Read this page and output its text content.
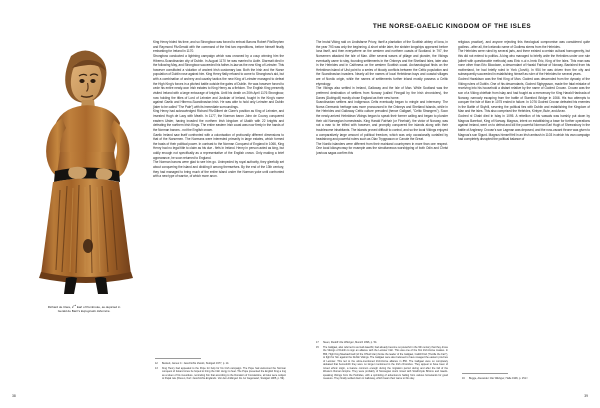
Richard de Clare, 2nd Earl of Pembroke, as depicted in
Gerald de Barri's Expugnatio Hibernica.

King Henry bided his time, and so Strongbow was forced to entrust Barons Robert FitzStephen and Raymond FitzGerald with the command of the first two expeditions, before himself finally embarking for Ireland in 1170.

Strongbow conducted a lightning campaign which was crowned by a coup winning him the Hiberno-Scandinavian city of Dublin. In August 1170 he was married to Aoife. Diarmait died in the following May, and Strongbow succeeded his father-in-law as the new King of Leinster. This however constituted a violation of ancient Irish customary law. Both the Irish and the Norse population of Dublin rose against him. King Henry flatly refused to come to Strongbow's aid, but with a combination of archery and cavalry tactics the new King of Leinster managed to defeat the High King's forces in a pitched battle outside the gates of Dublin. He was however forced to cede his entire newly-won Irish estates to King Henry as a fiefdom. The English King presently visited Ireland with a large entourage of knights. Until his death on 20th April 1176 Strongbow, now holding the titles of Lord of Leinster and Justiciar of Ireland, fought in the King's name against Gaelic and Hiberno-Scandinavian Irish. He was able to hold only Leinster and Dublin (later to be called "The Pale") with its immediate surroundings.

King Henry had acknowledged Richard FitzGilbert de Clare's position as King of Leinster, and invested Hugh de Lacy with Meath. In 1177, the Norman baron John de Courcy conquered eastern Ulster, having invaded the northern Irish kingdom of Ulaidh with 22 knights and defeating the northern Irish Kings. The entire eastern Irish coast was now firmly in the hands of the Norman barons - not the English crown.

Gaelic Ireland saw itself confronted with a colonisation of profoundly different dimensions to that of the Norsemen. The Normans were interested primarily in large estates, which formed the basis of their political power. In contrast to the Norman Conquest of England in 1066, King Henry had no legal title to claim as his due - fiefs in Ireland. Henry in person acted as king, but oddly enough not specifically as a representative of the English crown. Only making a brief appearance, he soon returned to England.

The Norman barons were glad to see him go. Unimpeded by royal authority, they gleefully set about conquering the island and dividing it among themselves. By the end of the 13th century, they had managed to bring much of the entire island under the Norman yoke until confronted with a new type of warrior, of which more anon.

12	Beckett, James C.: Geschichte Irlands, Stuttgart 1977, p. 14.
13	King Henry had appealed to the Pope for help for his Irish campaign. The Pope had welcomed the Norman conquest of Ireland since he hoped to bring the Irish clergy to heel. The Pope presented the English King a ring as a token of his investiture, reminding him that according to the Donation of Constantine, all isles were subject to Papal rule (Kluxen, Kurt: Geschichte Englands. Von den Anfängen bis zur Gegenwart, Stuttgart 1985, p. 59).
38
THE NORSE-GAELIC KINGDOM OF THE ISLES

The brutal Viking raid on Lindisfarne Priory, itself a plantation of the Scottish abbey of Iona, in the year 793 was only the beginning. A short while later, the sinister longships appeared before Iona itself, and then everywhere on the western and northern coasts of Scotland. In 797, the Norsemen attacked the Isle of Man. After several waves of pillage and plunder, the Vikings eventually came to stay, founding settlements in the Orkneys and the Shetland Isles, later also in the Hebrides and in Caithness on the western Scottish coast. Archaeological finds on the Hebridean island of Uist point to a series of bloody conflicts between the Celtic population and the Scandinavian invaders. Nearly all the names of local Hebridean bays and coastal villages are of Nordic origin, while the names of settlements further inland mostly possess a Celtic etymology.

The Vikings also settled in Ireland, Galloway and the Isle of Man. While Scotland was the preferred destination of settlers from Norway (called Finngall by the Irish chroniclers), the Danes (Dubhgoill) mostly chose England as their new home.

Scandinavian settlers and indigenous Celts eventually began to mingle and intermarry. The Norse-Germanic heritage was more pronounced in the Orkneys and Shetland Islands, while in the Hebrides and Galloway Celtic culture prevailed (hence Gallgael, "Celtic Strangers"). Soon the newly-arrived Hebridean Vikings began to speak their former calling and began to plunder their old Norwegian homesteads. King Harald Fairhair (or Finehair), the victor of Norway, was not a man to be trifled with however, and promptly conquered the islands along with their troublesome inhabitants. The islands proved difficult to control, and so the local Vikings enjoyed a comparatively large amount of political freedom, which was only occasionally curtailed by headstrong and powerful rulers such as Olav Tryggvason or Canute the Great.

The Nordic islanders were different from their mainland countrymen in more than one respect. One local idiosyncrasy for example was the simultaneous worshipping of both Odin and Christ (various sagas confirm this

religious practice), and anyone rejecting this theological compromise was considered quite godless - after all, the Icelandic name of Godless stems from the Hebrides.

The Hebrides were ruled by several jarls, and there existed a certain cultural homogeneity, but this did not extend to politics. A king who managed to briefly unite the Hebrides under one rule (albeit with questionable methods) was Eiric n-ui n-Imric Eric, King of the Isles. This man was none other than Eric Bloodaxe, a descendant of Harald Fairhair of Norway. Banished from his motherland, he had briefly ruled in York (Jorvik). In 954 he was driven from the city and subsequently succeeded in establishing himself as ruler of the Hebrides for several years.

Godred Haraldson was the first King of Man. Godred was descended from the dynasty of the Viking rulers of Dublin. One of his descendants, Godred Sigtrygsson, made the fatal mistake of receiving into his household a distant relative by the name of Godred Crovan. Crovan was the son of a Viking chieftain from Islay and had fought as a mercenary for King Harald Hardrada of Norway, narrowly escaping from the battle of Stamford Bridge in 1066. His two attempts to conquer the Isle of Man in 1075 ended in failure. In 1076 Godred Crovan defeated his enemies in the Battle of Skyhill, severing the political ties with Dublin and establishing the Kingdom of Man and the Isles. This also comprised the Hebrides, Kintyre, Bute, and Arran.

Godred ni Chabi died in Islay in 1095. A rebellion of his vassals was harshly put down by Magnus Barefoot, King of Norway. Magnus, intent on establishing a base for further operations against Ireland, went on to defeat and kill the powerful Norman Earl Hugh of Shrewsbury in the battle of Anglesey. Crovan's son Lagman was deposed, and the now-vacant throne was given to Magnus's son Sigurd. Magnus himself fell in an Irish ambush in 1103 in which his own campaign had completely disrupted the political balance of

17	Steen, Rudolf: Die Wikinger, Munich 1996, p. 54.
15	The Gallgael, also referred to as Gall-Gaedhil, had already become so powerful in the 9th century that they drove the Vikings of Dublin to sign an alliance with the Leinster Irish. This was one of the first Irish-Norse treaties. In 856, High King Maelsachnaill (of the O'Neill clan) broke the leader of the Gallgael, Caittill Find ("Ketille the Fair"), to fight for him against the Dublin Vikings. The Gallgael were also believed to have ravaged the eastern province of Leinster. This led to the afore-mentioned Irish-Norse alliance in 856. The Gallgael were so completely defeated that henceforth they were no longer mentioned in the Irish chronicles. They appear to have been of mixed ethnic origin, a feature common enough during the migration period during and after the fall of the Western Roman Empire. They were probably of Norwegian stock mixed with Strathclyde Britons and Gaelic-speaking Vikings from the Hebrides, with a sprinkling of adventurers hailing from various homelands for good measure. They finally settled down in Galloway, which bears their name to this day.	16	Bugge, Alexander: Die Wikinger, Halle 1906, p. 151 f.
39
